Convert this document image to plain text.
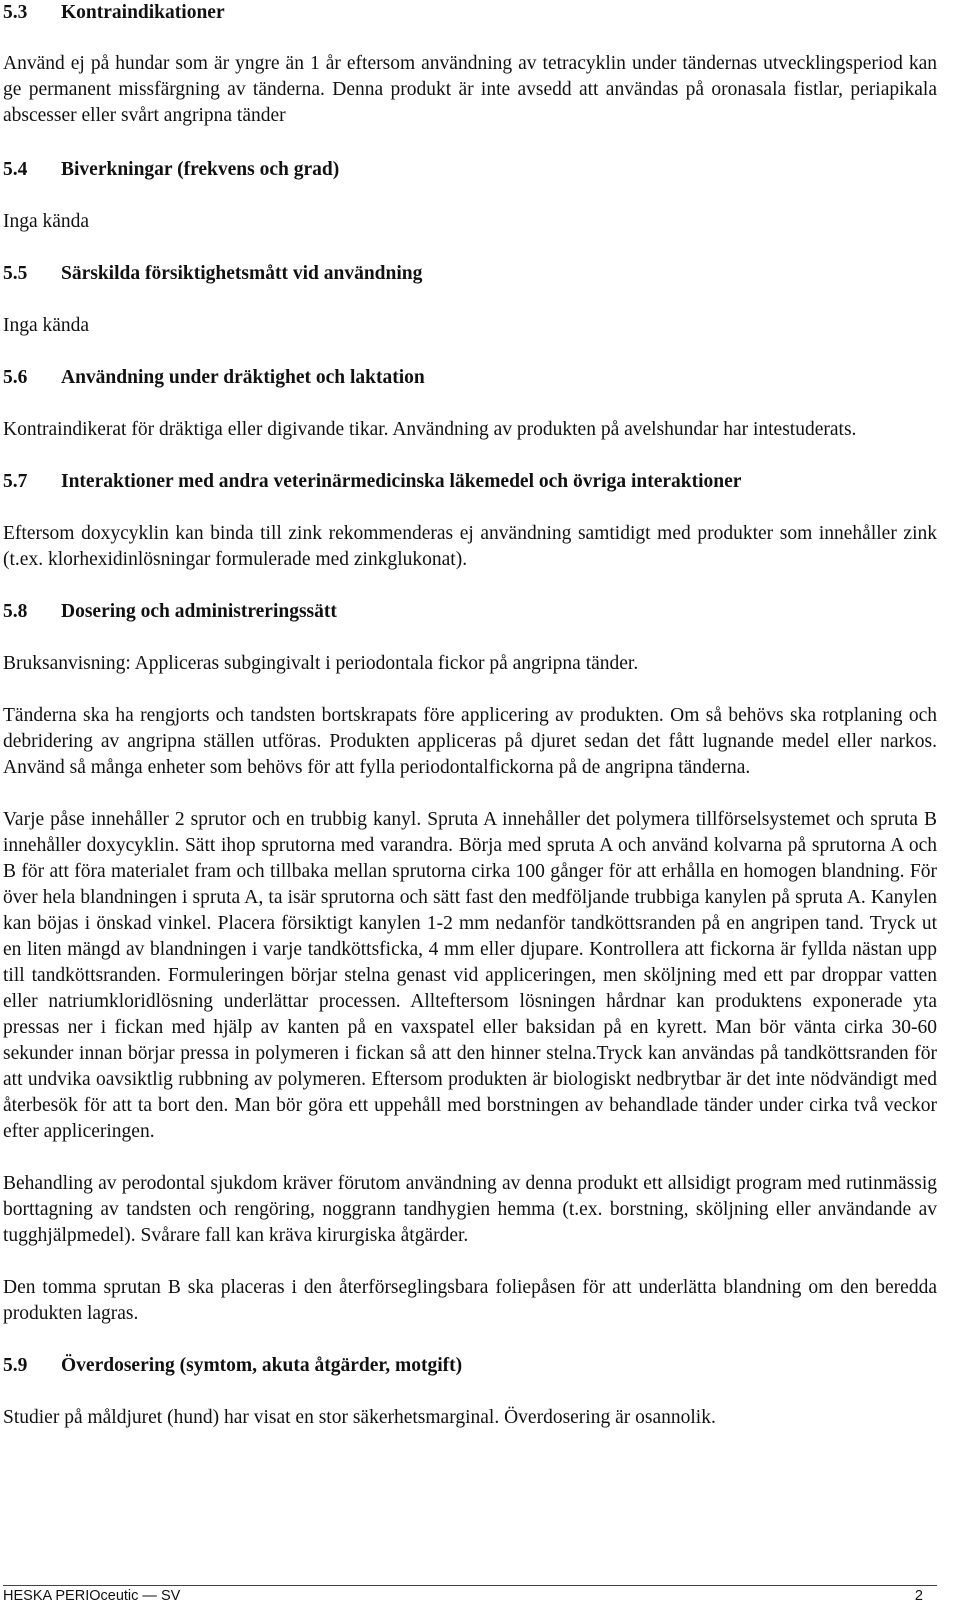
5.3	Kontraindikationer

Använd ej på hundar som är yngre än 1 år eftersom användning av tetracyklin under tändernas utvecklingsperiod kan ge permanent missfärgning av tänderna. Denna produkt är inte avsedd att användas på oronasala fistlar, periapikala abscesser eller svårt angripna tänder

5.4	Biverkningar (frekvens och grad)

Inga kända

5.5	Särskilda försiktighetsmått vid användning

Inga kända

5.6	Användning under dräktighet och laktation

Kontraindikerat för dräktiga eller digivande tikar. Användning av produkten på avelshundar har intestuderats.

5.7	Interaktioner med andra veterinärmedicinska läkemedel och övriga interaktioner

Eftersom doxycyklin kan binda till zink rekommenderas ej användning samtidigt med produkter som innehåller zink (t.ex. klorhexidinlösningar formulerade med zinkglukonat).

5.8	Dosering och administreringssätt

Bruksanvisning: Appliceras subgingivalt i periodontala fickor på angripna tänder.

Tänderna ska ha rengjorts och tandsten bortskrapats före applicering av produkten. Om så behövs ska rotplaning och debridering av angripna ställen utföras. Produkten appliceras på djuret sedan det fått lugnande medel eller narkos. Använd så många enheter som behövs för att fylla periodontalfickorna på de angripna tänderna.

Varje påse innehåller 2 sprutor och en trubbig kanyl. Spruta A innehåller det polymera tillförselsystemet och spruta B innehåller doxycyklin. Sätt ihop sprutorna med varandra. Börja med spruta A och använd kolvarna på sprutorna A och B för att föra materialet fram och tillbaka mellan sprutorna cirka 100 gånger för att erhålla en homogen blandning. För över hela blandningen i spruta A, ta isär sprutorna och sätt fast den medföljande trubbiga kanylen på spruta A. Kanylen kan böjas i önskad vinkel. Placera försiktigt kanylen 1-2 mm nedanför tandköttsranden på en angripen tand. Tryck ut en liten mängd av blandningen i varje tandköttsficka, 4 mm eller djupare. Kontrollera att fickorna är fyllda nästan upp till tandköttsranden. Formuleringen börjar stelna genast vid appliceringen, men sköljning med ett par droppar vatten eller natriumkloridlösning underlättar processen. Allteftersom lösningen hårdnar kan produktens exponerade yta pressas ner i fickan med hjälp av kanten på en vaxspatel eller baksidan på en kyrett. Man bör vänta cirka 30-60 sekunder innan börjar pressa in polymeren i fickan så att den hinner stelna.Tryck kan användas på tandköttsranden för att undvika oavsiktlig rubbning av polymeren. Eftersom produkten är biologiskt nedbrytbar är det inte nödvändigt med återbesök för att ta bort den. Man bör göra ett uppehåll med borstningen av behandlade tänder under cirka två veckor efter appliceringen.

Behandling av perodontal sjukdom kräver förutom användning av denna produkt ett allsidigt program med rutinmässig borttagning av tandsten och rengöring, noggrann tandhygien hemma (t.ex. borstning, sköljning eller användande av tugghjälpmedel). Svårare fall kan kräva kirurgiska åtgärder.

Den tomma sprutan B ska placeras i den återförseglingsbara foliepåsen för att underlätta blandning om den beredda produkten lagras.

5.9	Överdosering (symtom, akuta åtgärder, motgift)

Studier på måldjuret (hund) har visat en stor säkerhetsmarginal. Överdosering är osannolik.

HESKA PERIOceutic — SV	2
